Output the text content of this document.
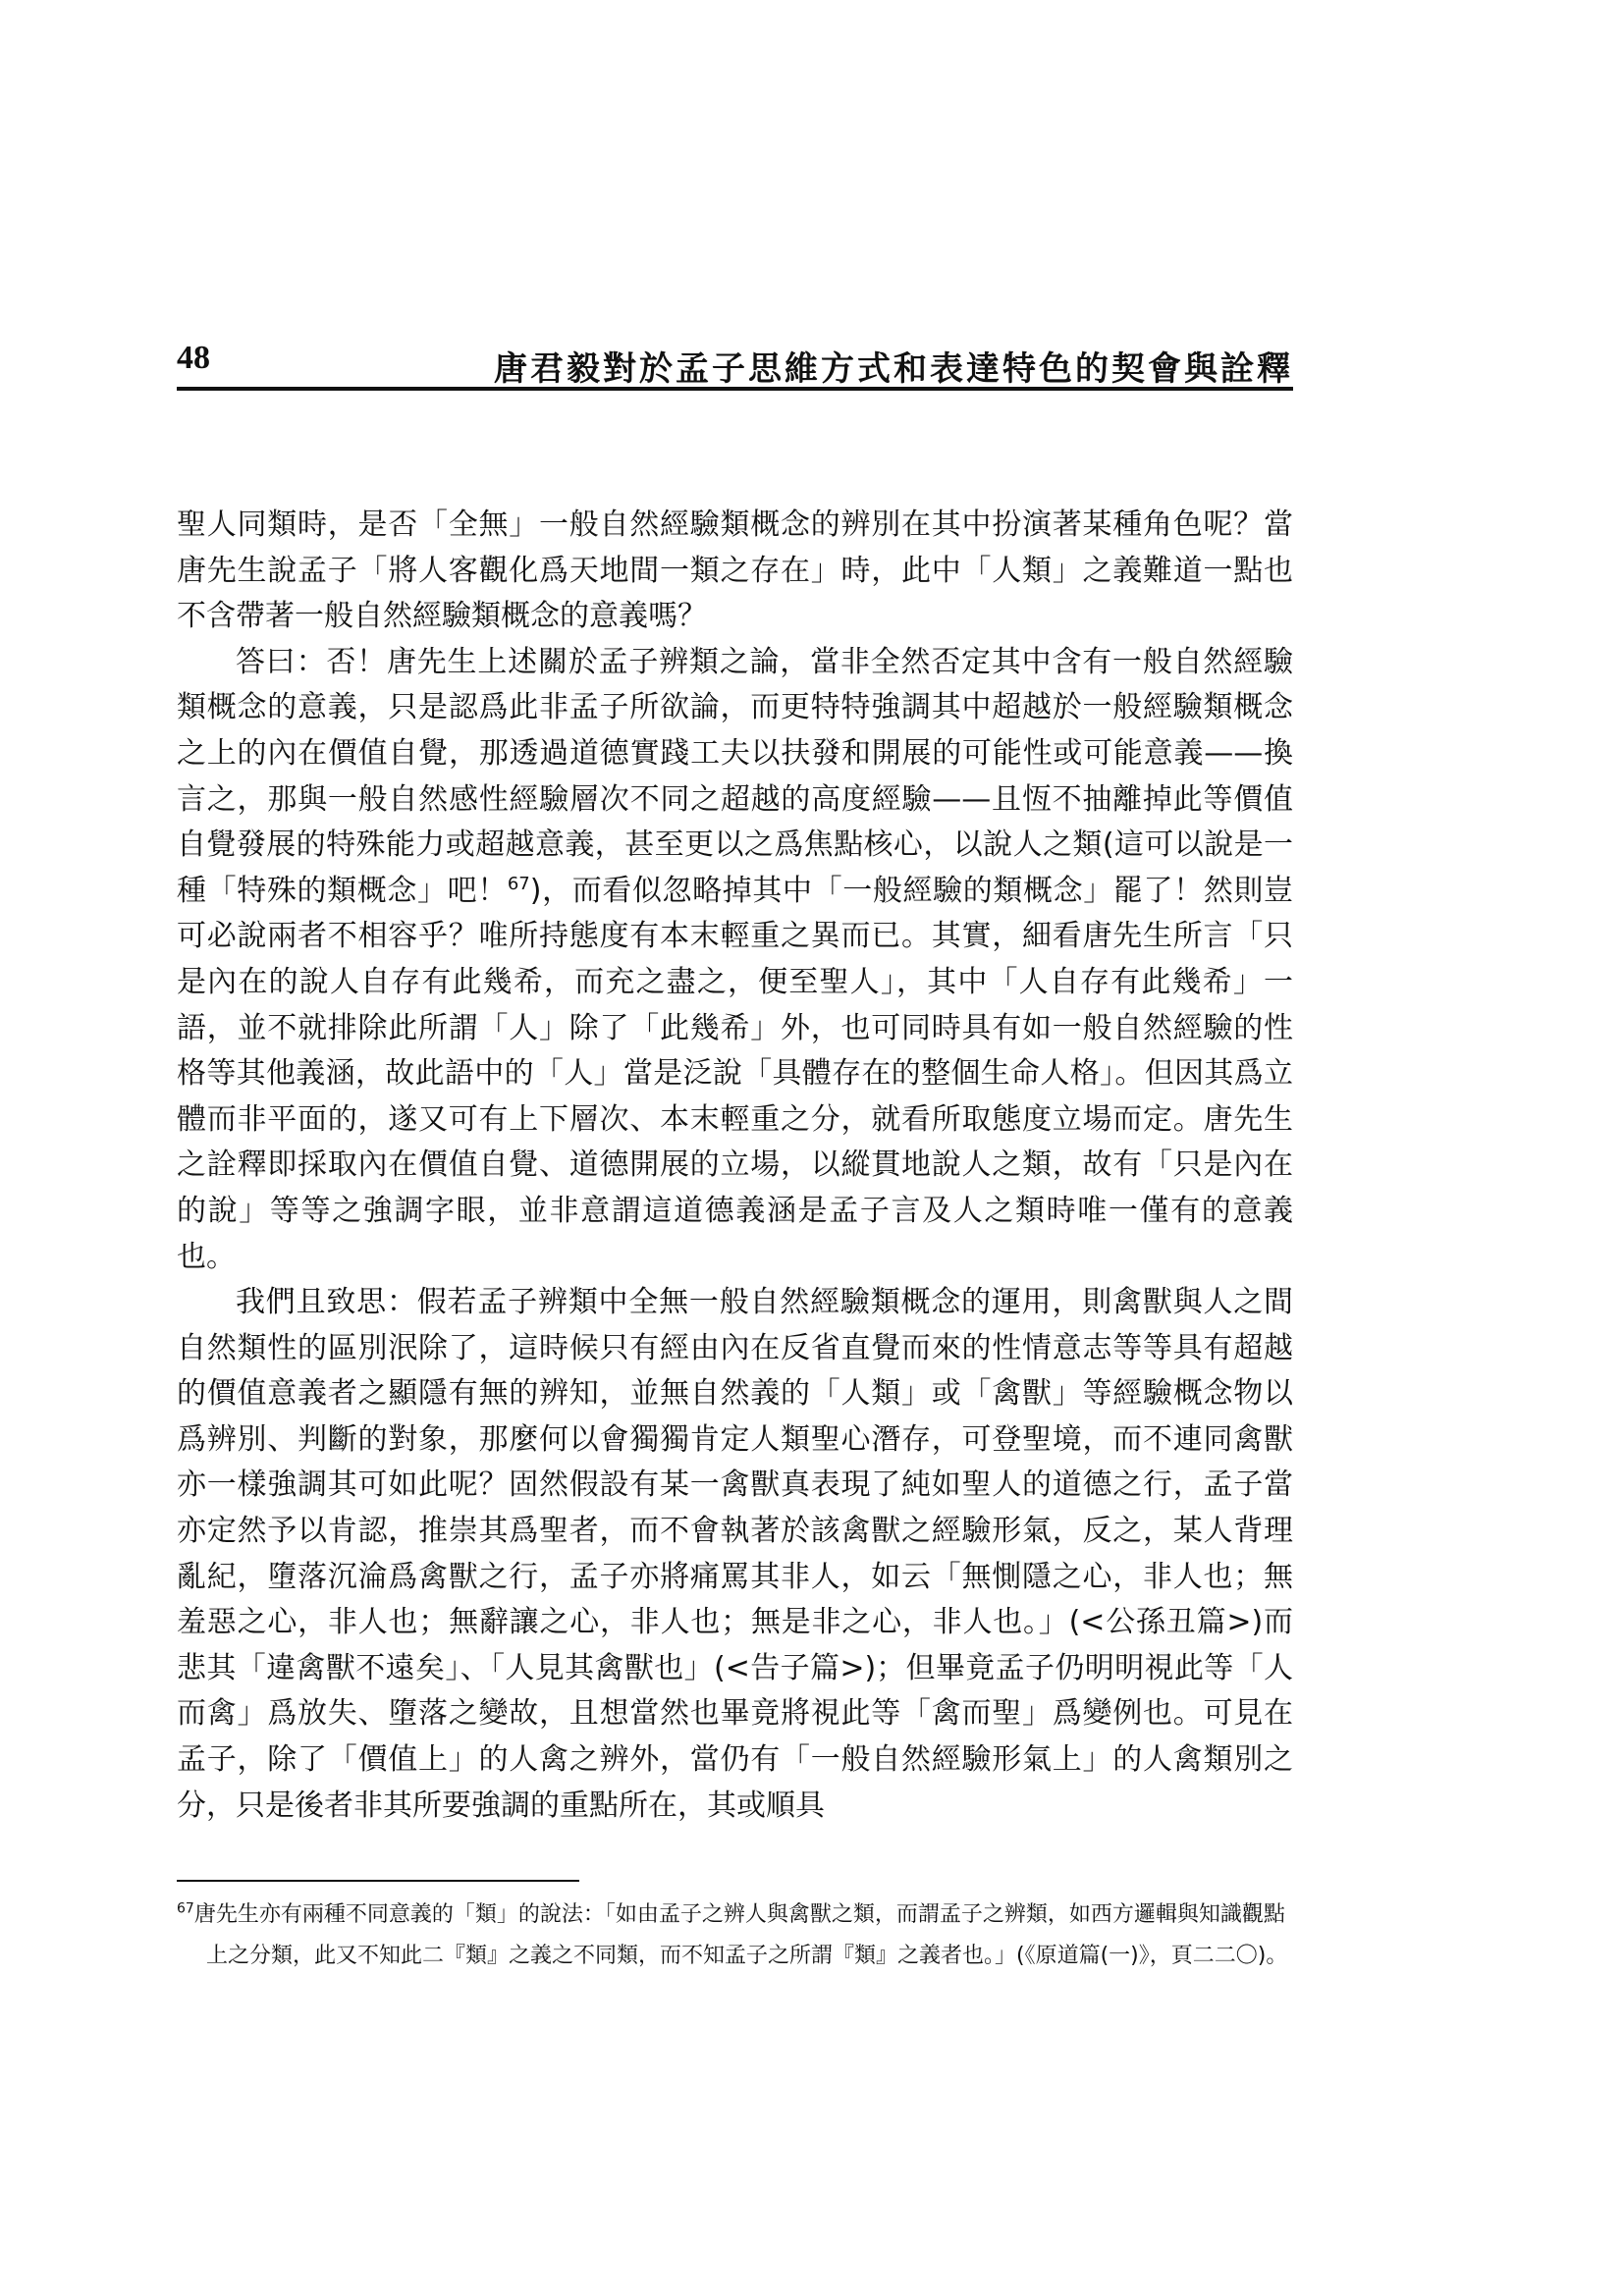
48	唐君毅對於孟子思維方式和表達特色的契會與詮釋

聖人同類時，是否「全無」一般自然經驗類概念的辨別在其中扮演著某種角色呢？當唐先生說孟子「將人客觀化爲天地間一類之存在」時，此中「人類」之義難道一點也不含帶著一般自然經驗類概念的意義嗎？

答曰：否！唐先生上述關於孟子辨類之論，當非全然否定其中含有一般自然經驗類概念的意義，只是認爲此非孟子所欲論，而更特特強調其中超越於一般經驗類概念之上的內在價值自覺，那透過道德實踐工夫以扶發和開展的可能性或可能意義——換言之，那與一般自然感性經驗層次不同之超越的高度經驗——且恆不抽離掉此等價值自覺發展的特殊能力或超越意義，甚至更以之爲焦點核心，以說人之類(這可以說是一種「特殊的類概念」吧！$^{67}$)，而看似忽略掉其中「一般經驗的類概念」罷了！然則豈可必說兩者不相容乎？唯所持態度有本末輕重之異而已。其實，細看唐先生所言「只是內在的說人自存有此幾希，而充之盡之，便至聖人」，其中「人自存有此幾希」一語，並不就排除此所謂「人」除了「此幾希」外，也可同時具有如一般自然經驗的性格等其他義涵，故此語中的「人」當是泛說「具體存在的整個生命人格」。但因其爲立體而非平面的，遂又可有上下層次、本末輕重之分，就看所取態度立場而定。唐先生之詮釋即採取內在價值自覺、道德開展的立場，以縱貫地說人之類，故有「只是內在的說」等等之強調字眼，並非意謂這道德義涵是孟子言及人之類時唯一僅有的意義也。

我們且致思：假若孟子辨類中全無一般自然經驗類概念的運用，則禽獸與人之間自然類性的區別泯除了，這時候只有經由內在反省直覺而來的性情意志等等具有超越的價值意義者之顯隱有無的辨知，並無自然義的「人類」或「禽獸」等經驗概念物以爲辨別、判斷的對象，那麼何以會獨獨肯定人類聖心潛存，可登聖境，而不連同禽獸亦一樣強調其可如此呢？固然假設有某一禽獸真表現了純如聖人的道德之行，孟子當亦定然予以肯認，推崇其爲聖者，而不會執著於該禽獸之經驗形氣，反之，某人背理亂紀，墮落沉淪爲禽獸之行，孟子亦將痛罵其非人，如云「無惻隱之心，非人也；無羞惡之心，非人也；無辭讓之心，非人也；無是非之心，非人也。」(<公孫丑篇>)而悲其「違禽獸不遠矣」、「人見其禽獸也」(<告子篇>)；但畢竟孟子仍明明視此等「人而禽」爲放失、墮落之變故，且想當然也畢竟將視此等「禽而聖」爲變例也。可見在孟子，除了「價值上」的人禽之辨外，當仍有「一般自然經驗形氣上」的人禽類別之分，只是後者非其所要強調的重點所在，其或順具

$^{67}$唐先生亦有兩種不同意義的「類」的說法：「如由孟子之辨人與禽獸之類，而謂孟子之辨類，如西方邏輯與知識觀點上之分類，此又不知此二『類』之義之不同類，而不知孟子之所謂『類』之義者也。」(《原道篇(一)》，頁二二〇)。
